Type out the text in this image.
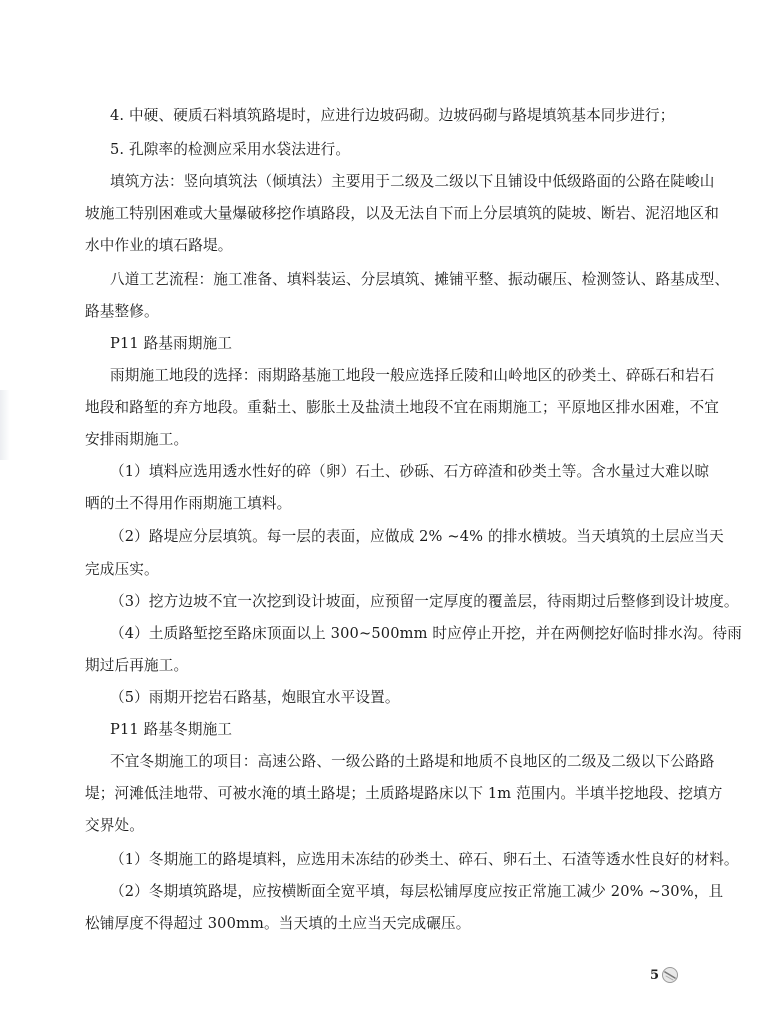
4. 中硬、硬质石料填筑路堤时，应进行边坡码砌。边坡码砌与路堤填筑基本同步进行；
5. 孔隙率的检测应采用水袋法进行。
填筑方法：竖向填筑法（倾填法）主要用于二级及二级以下且铺设中低级路面的公路在陡峻山
坡施工特别困难或大量爆破移挖作填路段，以及无法自下而上分层填筑的陡坡、断岩、泥沼地区和
水中作业的填石路堤。
八道工艺流程：施工准备、填料装运、分层填筑、摊铺平整、振动碾压、检测签认、路基成型、
路基整修。
P11 路基雨期施工
雨期施工地段的选择：雨期路基施工地段一般应选择丘陵和山岭地区的砂类土、碎砾石和岩石
地段和路堑的弃方地段。重黏土、膨胀土及盐渍土地段不宜在雨期施工；平原地区排水困难，不宜
安排雨期施工。
（1）填料应选用透水性好的碎（卵）石土、砂砾、石方碎渣和砂类土等。含水量过大难以晾
晒的土不得用作雨期施工填料。
（2）路堤应分层填筑。每一层的表面，应做成 2% ~4% 的排水横坡。当天填筑的土层应当天
完成压实。
（3）挖方边坡不宜一次挖到设计坡面，应预留一定厚度的覆盖层，待雨期过后整修到设计坡度。
（4）土质路堑挖至路床顶面以上 300~500mm 时应停止开挖，并在两侧挖好临时排水沟。待雨
期过后再施工。
（5）雨期开挖岩石路基，炮眼宜水平设置。
P11 路基冬期施工
不宜冬期施工的项目：高速公路、一级公路的土路堤和地质不良地区的二级及二级以下公路路
堤；河滩低洼地带、可被水淹的填土路堤；土质路堤路床以下 1m 范围内。半填半挖地段、挖填方
交界处。
（1）冬期施工的路堤填料，应选用未冻结的砂类土、碎石、卵石土、石渣等透水性良好的材料。
（2）冬期填筑路堤，应按横断面全宽平填，每层松铺厚度应按正常施工减少 20% ~30%，且
松铺厚度不得超过 300mm。当天填的土应当天完成碾压。
5
